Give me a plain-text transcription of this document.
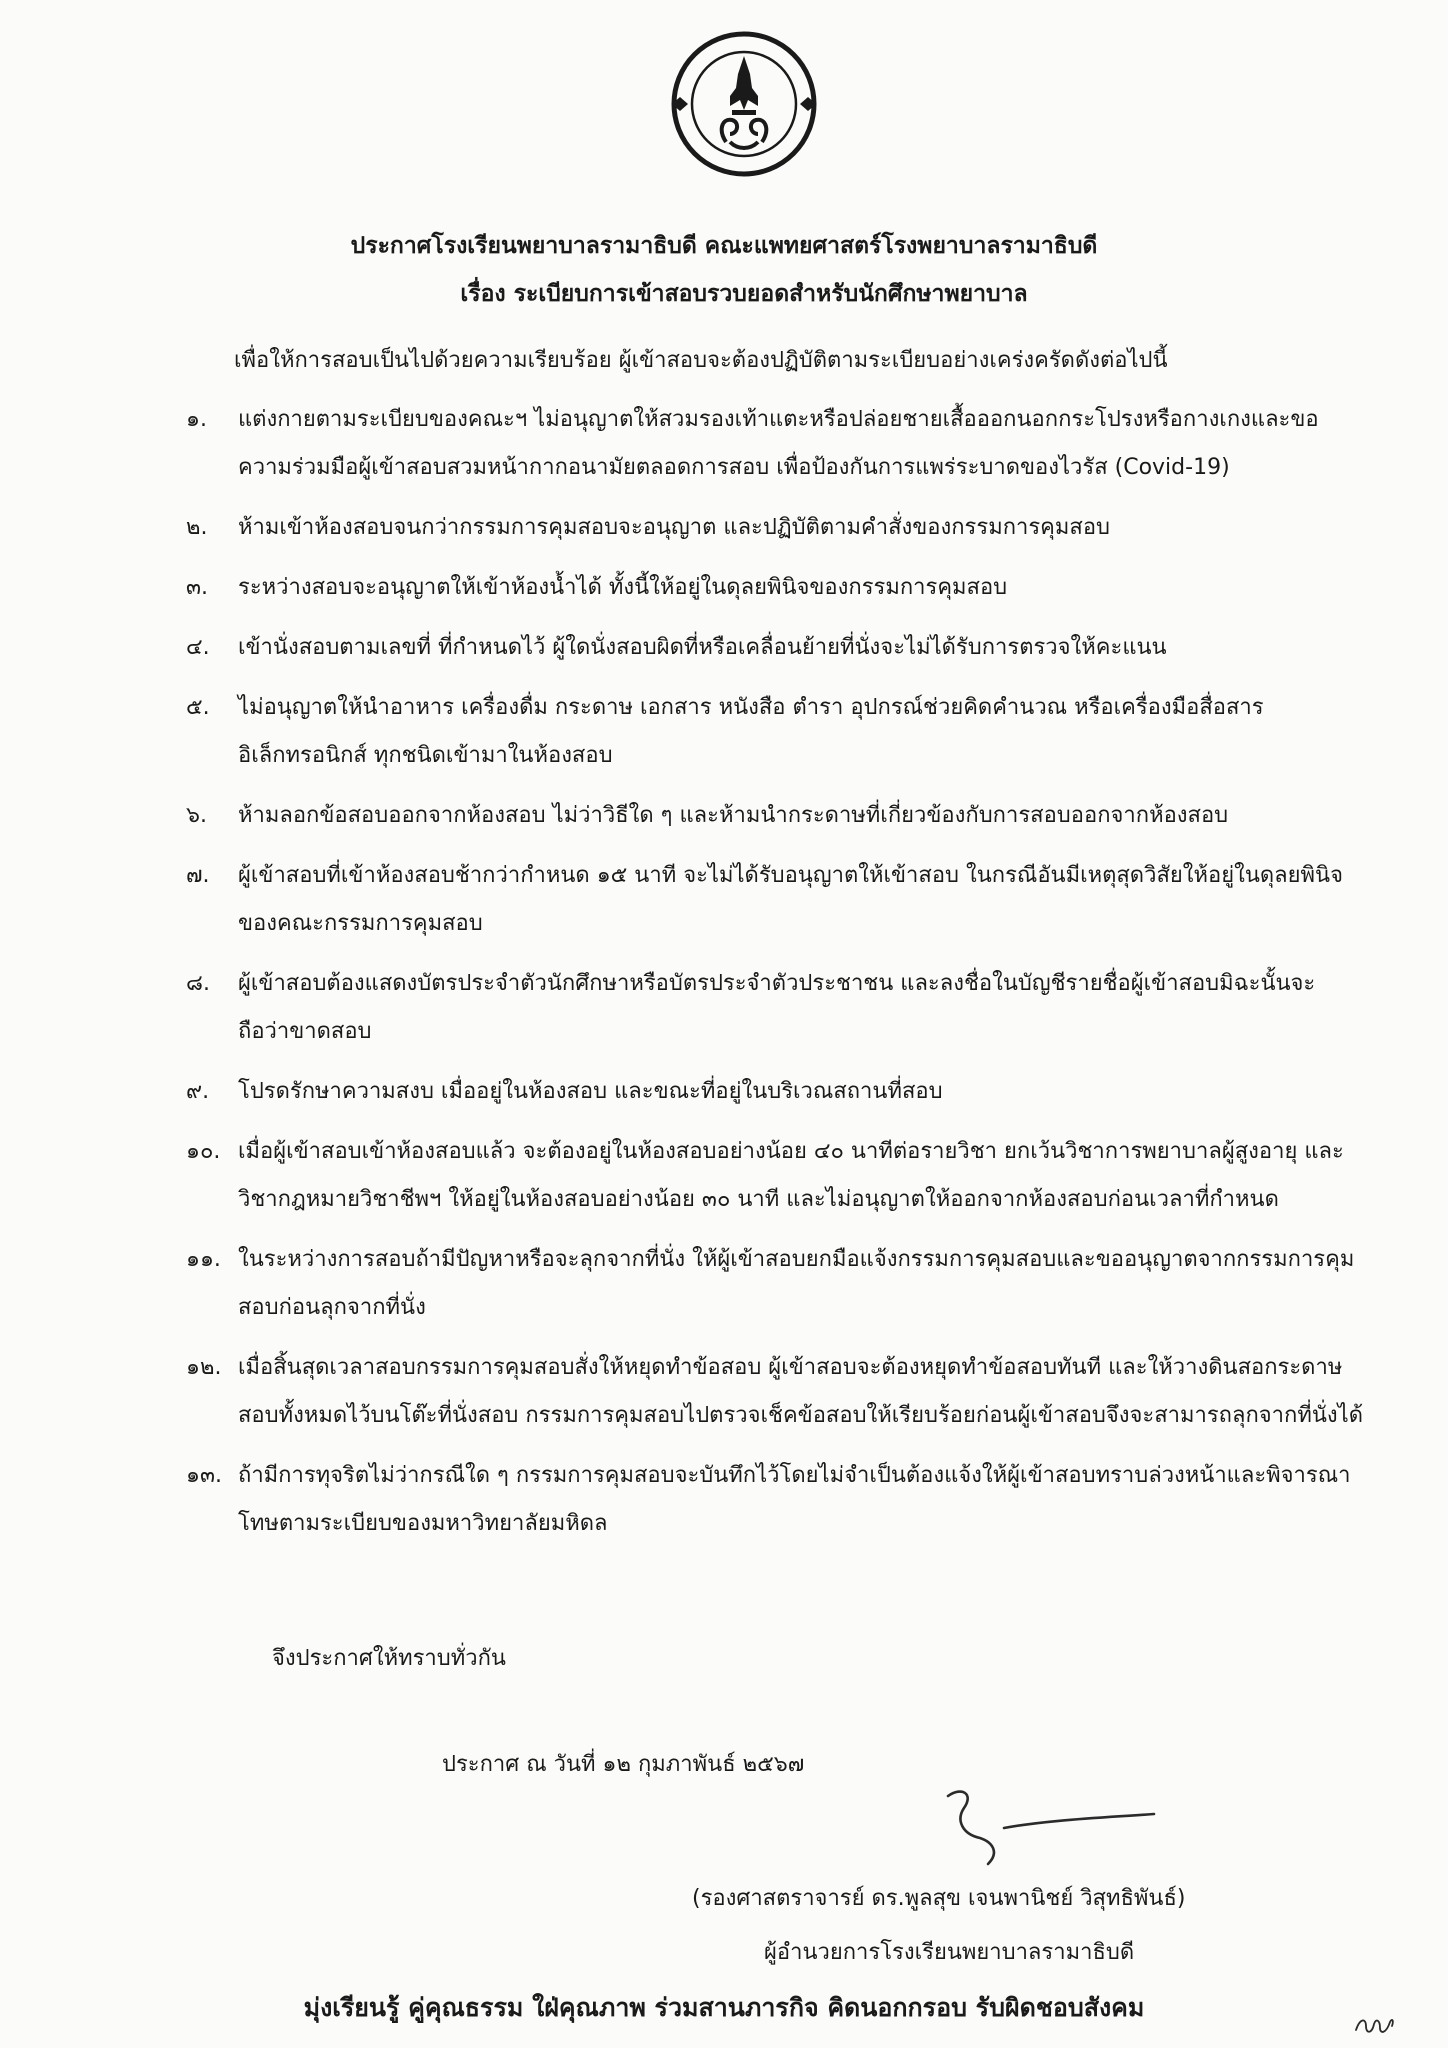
ประกาศโรงเรียนพยาบาลรามาธิบดี คณะแพทยศาสตร์โรงพยาบาลรามาธิบดี
เรื่อง ระเบียบการเข้าสอบรวบยอดสำหรับนักศึกษาพยาบาล
เพื่อให้การสอบเป็นไปด้วยความเรียบร้อย ผู้เข้าสอบจะต้องปฏิบัติตามระเบียบอย่างเคร่งครัดดังต่อไปนี้
๑.	แต่งกายตามระเบียบของคณะฯ ไม่อนุญาตให้สวมรองเท้าแตะหรือปล่อยชายเสื้อออกนอกกระโปรงหรือกางเกงและขอความร่วมมือผู้เข้าสอบสวมหน้ากากอนามัยตลอดการสอบ เพื่อป้องกันการแพร่ระบาดของไวรัส (Covid-19)
๒.	ห้ามเข้าห้องสอบจนกว่ากรรมการคุมสอบจะอนุญาต และปฏิบัติตามคำสั่งของกรรมการคุมสอบ
๓.	ระหว่างสอบจะอนุญาตให้เข้าห้องน้ำได้ ทั้งนี้ให้อยู่ในดุลยพินิจของกรรมการคุมสอบ
๔.	เข้านั่งสอบตามเลขที่ ที่กำหนดไว้ ผู้ใดนั่งสอบผิดที่หรือเคลื่อนย้ายที่นั่งจะไม่ได้รับการตรวจให้คะแนน
๕.	ไม่อนุญาตให้นำอาหาร เครื่องดื่ม กระดาษ เอกสาร หนังสือ ตำรา อุปกรณ์ช่วยคิดคำนวณ หรือเครื่องมือสื่อสารอิเล็กทรอนิกส์ ทุกชนิดเข้ามาในห้องสอบ
๖.	ห้ามลอกข้อสอบออกจากห้องสอบ ไม่ว่าวิธีใด ๆ และห้ามนำกระดาษที่เกี่ยวข้องกับการสอบออกจากห้องสอบ
๗.	ผู้เข้าสอบที่เข้าห้องสอบช้ากว่ากำหนด ๑๕ นาที จะไม่ได้รับอนุญาตให้เข้าสอบ ในกรณีอันมีเหตุสุดวิสัยให้อยู่ในดุลยพินิจของคณะกรรมการคุมสอบ
๘.	ผู้เข้าสอบต้องแสดงบัตรประจำตัวนักศึกษาหรือบัตรประจำตัวประชาชน และลงชื่อในบัญชีรายชื่อผู้เข้าสอบมิฉะนั้นจะถือว่าขาดสอบ
๙.	โปรดรักษาความสงบ เมื่ออยู่ในห้องสอบ และขณะที่อยู่ในบริเวณสถานที่สอบ
๑๐. เมื่อผู้เข้าสอบเข้าห้องสอบแล้ว จะต้องอยู่ในห้องสอบอย่างน้อย ๔๐ นาทีต่อรายวิชา ยกเว้นวิชาการพยาบาลผู้สูงอายุ และวิชากฎหมายวิชาชีพฯ ให้อยู่ในห้องสอบอย่างน้อย ๓๐ นาที และไม่อนุญาตให้ออกจากห้องสอบก่อนเวลาที่กำหนด
๑๑. ในระหว่างการสอบถ้ามีปัญหาหรือจะลุกจากที่นั่ง ให้ผู้เข้าสอบยกมือแจ้งกรรมการคุมสอบและขออนุญาตจากกรรมการคุมสอบก่อนลุกจากที่นั่ง
๑๒. เมื่อสิ้นสุดเวลาสอบกรรมการคุมสอบสั่งให้หยุดทำข้อสอบ ผู้เข้าสอบจะต้องหยุดทำข้อสอบทันที และให้วางดินสอกระดาษสอบทั้งหมดไว้บนโต๊ะที่นั่งสอบ กรรมการคุมสอบไปตรวจเช็คข้อสอบให้เรียบร้อยก่อนผู้เข้าสอบจึงจะสามารถลุกจากที่นั่งได้
๑๓. ถ้ามีการทุจริตไม่ว่ากรณีใด ๆ กรรมการคุมสอบจะบันทึกไว้โดยไม่จำเป็นต้องแจ้งให้ผู้เข้าสอบทราบล่วงหน้าและพิจารณาโทษตามระเบียบของมหาวิทยาลัยมหิดล
จึงประกาศให้ทราบทั่วกัน
ประกาศ ณ วันที่ ๑๒ กุมภาพันธ์ ๒๕๖๗
(รองศาสตราจารย์ ดร.พูลสุข เจนพานิชย์ วิสุทธิพันธ์)
ผู้อำนวยการโรงเรียนพยาบาลรามาธิบดี
มุ่งเรียนรู้ คู่คุณธรรม ใฝ่คุณภาพ ร่วมสานภารกิจ คิดนอกกรอบ รับผิดชอบสังคม
